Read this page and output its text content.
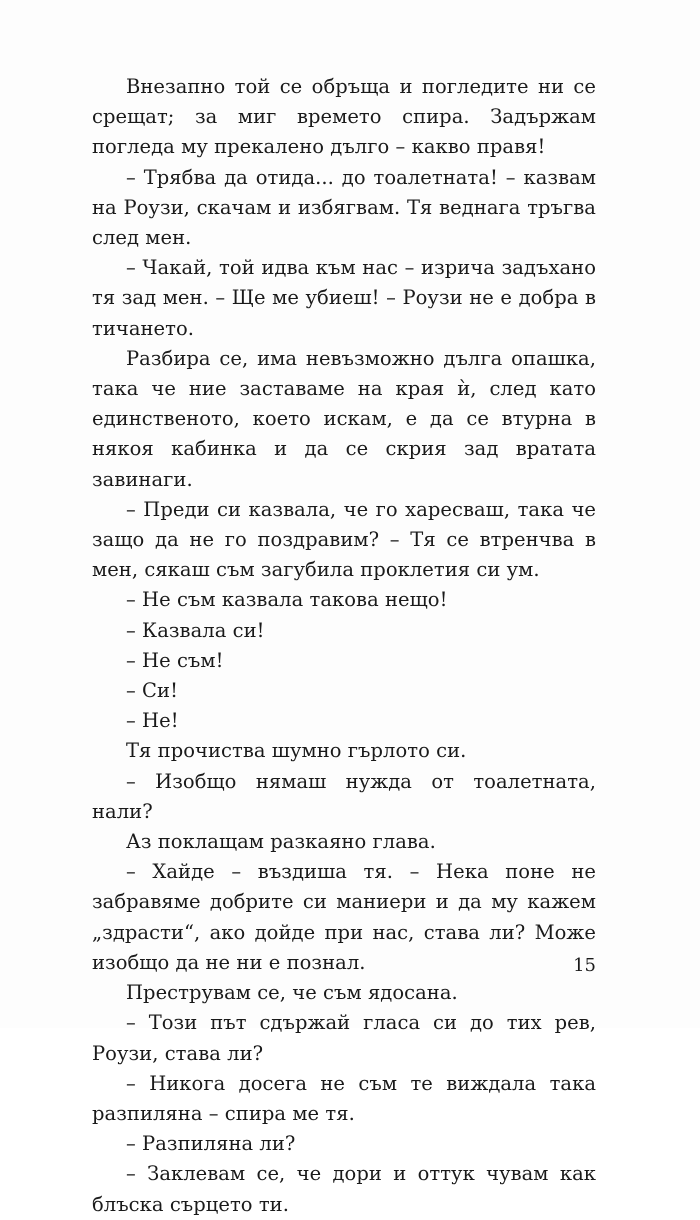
Внезапно той се обръща и погледите ни се срещат; за миг времето спира. Задържам погледа му прекалено дълго – какво правя!

– Трябва да отида... до тоалетната! – казвам на Роузи, скачам и избягвам. Тя веднага тръгва след мен.

– Чакай, той идва към нас – изрича задъхано тя зад мен. – Ще ме убиеш! – Роузи не е добра в тичането.

Разбира се, има невъзможно дълга опашка, така че ние заставаме на края ѝ, след като единственото, което искам, е да се втурна в някоя кабинка и да се скрия зад вратата завинаги.

– Преди си казвала, че го харесваш, така че защо да не го поздравим? – Тя се втренчва в мен, сякаш съм загубила проклетия си ум.

– Не съм казвала такова нещо!

– Казвала си!

– Не съм!

– Си!

– Не!

Тя прочиства шумно гърлото си.

– Изобщо нямаш нужда от тоалетната, нали?

Аз поклащам разкаяно глава.

– Хайде – въздиша тя. – Нека поне не забравяме добрите си маниери и да му кажем „здрасти“, ако дойде при нас, става ли? Може изобщо да не ни е познал.

Преструвам се, че съм ядосана.

– Този път сдържай гласа си до тих рев, Роузи, става ли?

– Никога досега не съм те виждала така разпиляна – спира ме тя.

– Разпиляна ли?

– Заклевам се, че дори и оттук чувам как блъска сърцето ти.

15
